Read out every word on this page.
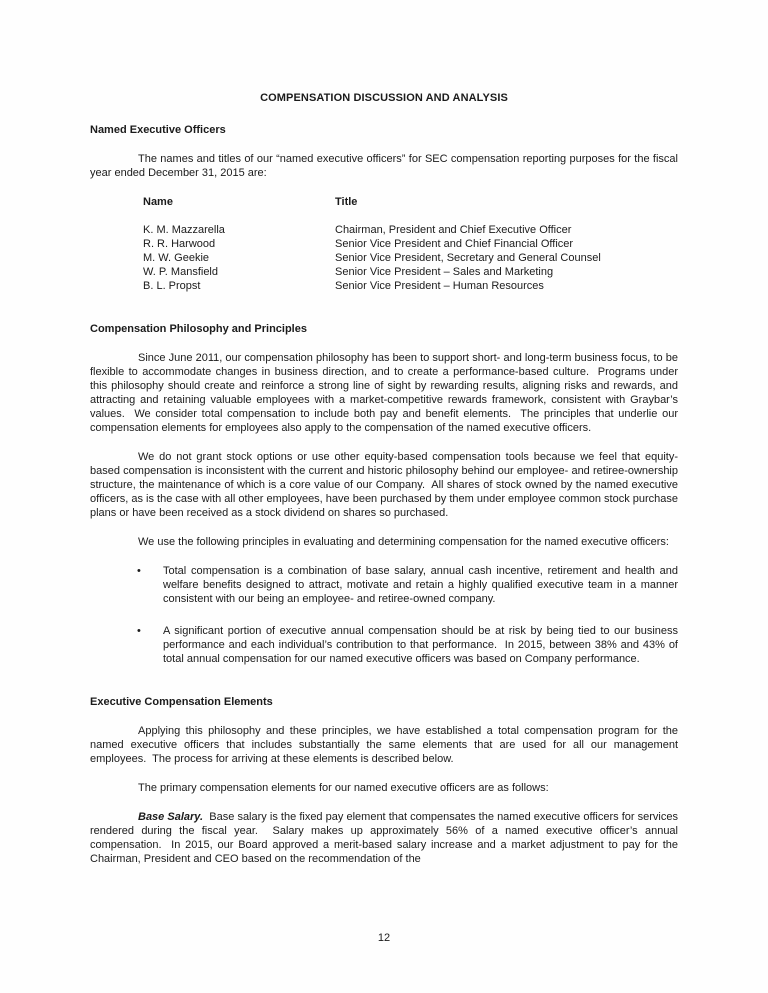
COMPENSATION DISCUSSION AND ANALYSIS
Named Executive Officers

The names and titles of our “named executive officers” for SEC compensation reporting purposes for the fiscal year ended December 31, 2015 are:

Name	Title
K. M. Mazzarella	Chairman, President and Chief Executive Officer
R. R. Harwood	Senior Vice President and Chief Financial Officer
M. W. Geekie	Senior Vice President, Secretary and General Counsel
W. P. Mansfield	Senior Vice President – Sales and Marketing
B. L. Propst	Senior Vice President – Human Resources
Compensation Philosophy and Principles

Since June 2011, our compensation philosophy has been to support short- and long-term business focus, to be flexible to accommodate changes in business direction, and to create a performance-based culture.  Programs under this philosophy should create and reinforce a strong line of sight by rewarding results, aligning risks and rewards, and attracting and retaining valuable employees with a market-competitive rewards framework, consistent with Graybar’s values.  We consider total compensation to include both pay and benefit elements.  The principles that underlie our compensation elements for employees also apply to the compensation of the named executive officers.

We do not grant stock options or use other equity-based compensation tools because we feel that equity-based compensation is inconsistent with the current and historic philosophy behind our employee- and retiree-ownership structure, the maintenance of which is a core value of our Company.  All shares of stock owned by the named executive officers, as is the case with all other employees, have been purchased by them under employee common stock purchase plans or have been received as a stock dividend on shares so purchased.

We use the following principles in evaluating and determining compensation for the named executive officers:

• Total compensation is a combination of base salary, annual cash incentive, retirement and health and welfare benefits designed to attract, motivate and retain a highly qualified executive team in a manner consistent with our being an employee- and retiree-owned company.
• A significant portion of executive annual compensation should be at risk by being tied to our business performance and each individual’s contribution to that performance.  In 2015, between 38% and 43% of total annual compensation for our named executive officers was based on Company performance.
Executive Compensation Elements

Applying this philosophy and these principles, we have established a total compensation program for the named executive officers that includes substantially the same elements that are used for all our management employees.  The process for arriving at these elements is described below.

The primary compensation elements for our named executive officers are as follows:

Base Salary.  Base salary is the fixed pay element that compensates the named executive officers for services rendered during the fiscal year.  Salary makes up approximately 56% of a named executive officer’s annual compensation.  In 2015, our Board approved a merit-based salary increase and a market adjustment to pay for the Chairman, President and CEO based on the recommendation of the

12
